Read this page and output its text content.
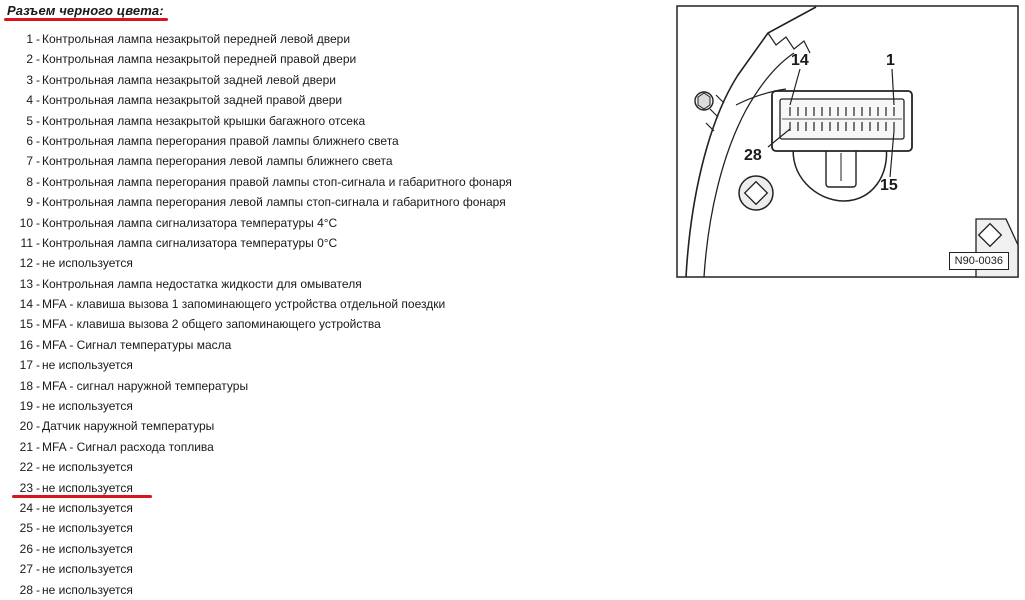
Разъем черного цвета:
1 - Контрольная лампа незакрытой передней левой двери
2 - Контрольная лампа незакрытой передней правой двери
3 - Контрольная лампа незакрытой задней левой двери
4 - Контрольная лампа незакрытой задней правой двери
5 - Контрольная лампа незакрытой крышки багажного отсека
6 - Контрольная лампа перегорания правой лампы ближнего света
7 - Контрольная лампа перегорания левой лампы ближнего света
8 - Контрольная лампа перегорания правой лампы стоп-сигнала и габаритного фонаря
9 - Контрольная лампа перегорания левой лампы стоп-сигнала и габаритного фонаря
10 - Контрольная лампа сигнализатора температуры 4°C
11 - Контрольная лампа сигнализатора температуры 0°C
12 - не используется
13 - Контрольная лампа недостатка жидкости для омывателя
14 - MFA - клавиша вызова 1 запоминающего устройства отдельной поездки
15 - MFA - клавиша вызова 2 общего запоминающего устройства
16 - MFA - Сигнал температуры масла
17 - не используется
18 - MFA - сигнал наружной температуры
19 - не используется
20 - Датчик наружной температуры
21 - MFA - Сигнал расхода топлива
22 - не используется
23 - не используется
24 - не используется
25 - не используется
26 - не используется
27 - не используется
28 - не используется
14	1
28
15
N90-0036
